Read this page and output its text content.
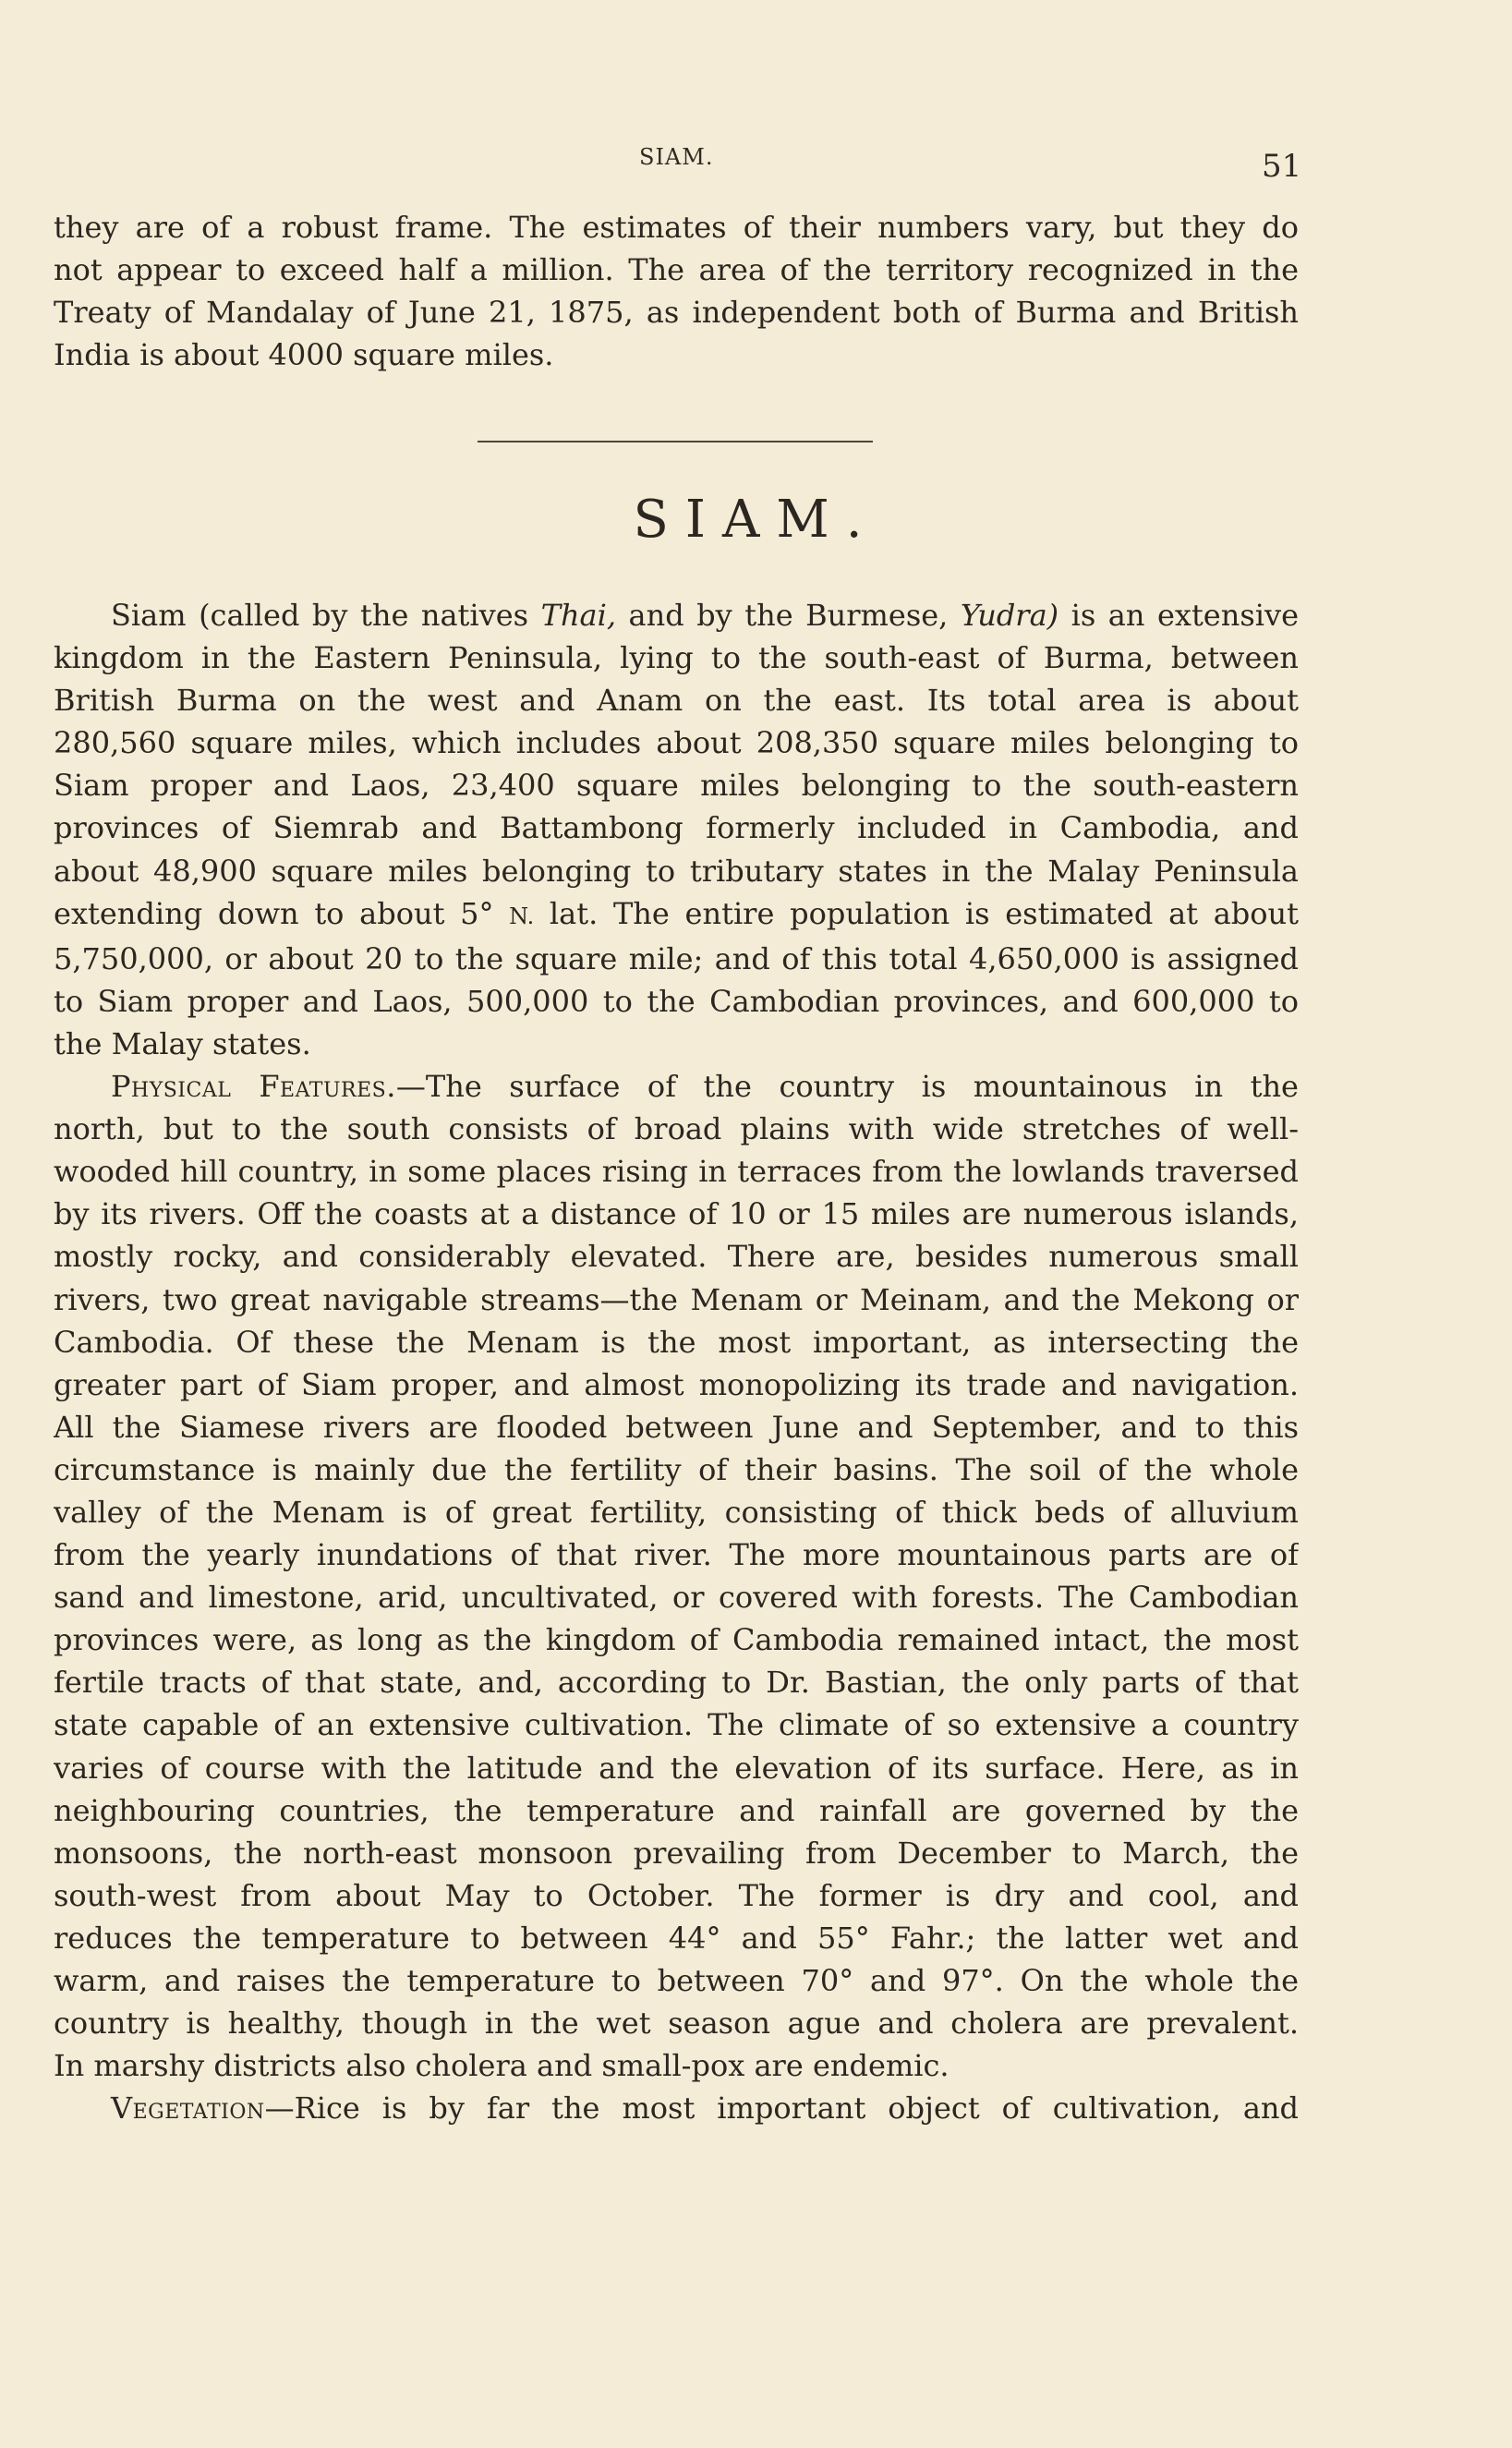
SIAM.	51
they are of a robust frame. The estimates of their numbers vary, but they do
not appear to exceed half a million. The area of the territory recognized in the
Treaty of Mandalay of June 21, 1875, as independent both of Burma and British
India is about 4000 square miles.
SIAM.
Siam (called by the natives Thai, and by the Burmese, Yudra) is an extensive
kingdom in the Eastern Peninsula, lying to the south-east of Burma, between
British Burma on the west and Anam on the east. Its total area is about
280,560 square miles, which includes about 208,350 square miles belonging to
Siam proper and Laos, 23,400 square miles belonging to the south-eastern
provinces of Siemrab and Battambong formerly included in Cambodia, and
about 48,900 square miles belonging to tributary states in the Malay Peninsula
extending down to about 5° N. lat. The entire population is estimated at about
5,750,000, or about 20 to the square mile; and of this total 4,650,000 is assigned
to Siam proper and Laos, 500,000 to the Cambodian provinces, and 600,000 to
the Malay states.
Physical Features.—The surface of the country is mountainous in the
north, but to the south consists of broad plains with wide stretches of well-
wooded hill country, in some places rising in terraces from the lowlands traversed
by its rivers. Off the coasts at a distance of 10 or 15 miles are numerous islands,
mostly rocky, and considerably elevated. There are, besides numerous small
rivers, two great navigable streams—the Menam or Meinam, and the Mekong or
Cambodia. Of these the Menam is the most important, as intersecting the
greater part of Siam proper, and almost monopolizing its trade and navigation.
All the Siamese rivers are flooded between June and September, and to this
circumstance is mainly due the fertility of their basins. The soil of the whole
valley of the Menam is of great fertility, consisting of thick beds of alluvium
from the yearly inundations of that river. The more mountainous parts are of
sand and limestone, arid, uncultivated, or covered with forests. The Cambodian
provinces were, as long as the kingdom of Cambodia remained intact, the most
fertile tracts of that state, and, according to Dr. Bastian, the only parts of that
state capable of an extensive cultivation. The climate of so extensive a country
varies of course with the latitude and the elevation of its surface. Here, as in
neighbouring countries, the temperature and rainfall are governed by the
monsoons, the north-east monsoon prevailing from December to March, the
south-west from about May to October. The former is dry and cool, and
reduces the temperature to between 44° and 55° Fahr.; the latter wet and
warm, and raises the temperature to between 70° and 97°. On the whole the
country is healthy, though in the wet season ague and cholera are prevalent.
In marshy districts also cholera and small-pox are endemic.
Vegetation—Rice is by far the most important object of cultivation, and
